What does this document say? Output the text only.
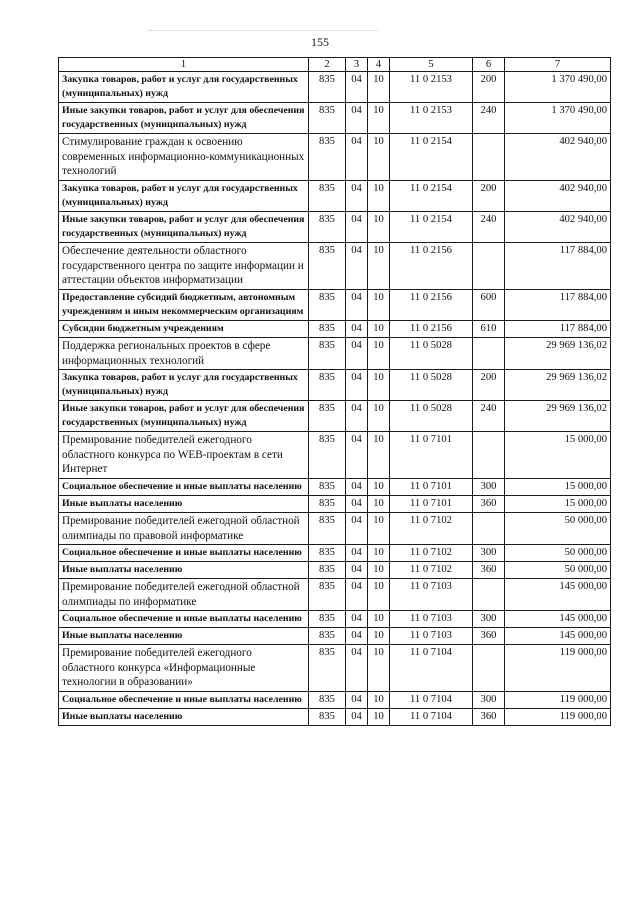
155
1	2	3	4	5	6	7
Закупка товаров, работ и услуг для государственных (муниципальных) нужд	835	04	10	11 0 2153	200	1 370 490,00
Иные закупки товаров, работ и услуг для обеспечения государственных (муниципальных) нужд	835	04	10	11 0 2153	240	1 370 490,00
Стимулирование граждан к освоению современных информационно-коммуникационных технологий	835	04	10	11 0 2154		402 940,00
Закупка товаров, работ и услуг для государственных (муниципальных) нужд	835	04	10	11 0 2154	200	402 940,00
Иные закупки товаров, работ и услуг для обеспечения государственных (муниципальных) нужд	835	04	10	11 0 2154	240	402 940,00
Обеспечение деятельности областного государственного центра по защите информации и аттестации объектов информатизации	835	04	10	11 0 2156		117 884,00
Предоставление субсидий бюджетным, автономным учреждениям и иным некоммерческим организациям	835	04	10	11 0 2156	600	117 884,00
Субсидии бюджетным учреждениям	835	04	10	11 0 2156	610	117 884,00
Поддержка региональных проектов в сфере информационных технологий	835	04	10	11 0 5028		29 969 136,02
Закупка товаров, работ и услуг для государственных (муниципальных) нужд	835	04	10	11 0 5028	200	29 969 136,02
Иные закупки товаров, работ и услуг для обеспечения государственных (муниципальных) нужд	835	04	10	11 0 5028	240	29 969 136,02
Премирование победителей ежегодного областного конкурса по WEB-проектам в сети Интернет	835	04	10	11 0 7101		15 000,00
Социальное обеспечение и иные выплаты населению	835	04	10	11 0 7101	300	15 000,00
Иные выплаты населению	835	04	10	11 0 7101	360	15 000,00
Премирование победителей ежегодной областной олимпиады по правовой информатике	835	04	10	11 0 7102		50 000,00
Социальное обеспечение и иные выплаты населению	835	04	10	11 0 7102	300	50 000,00
Иные выплаты населению	835	04	10	11 0 7102	360	50 000,00
Премирование победителей ежегодной областной олимпиады по информатике	835	04	10	11 0 7103		145 000,00
Социальное обеспечение и иные выплаты населению	835	04	10	11 0 7103	300	145 000,00
Иные выплаты населению	835	04	10	11 0 7103	360	145 000,00
Премирование победителей ежегодного областного конкурса «Информационные технологии в образовании»	835	04	10	11 0 7104		119 000,00
Социальное обеспечение и иные выплаты населению	835	04	10	11 0 7104	300	119 000,00
Иные выплаты населению	835	04	10	11 0 7104	360	119 000,00
